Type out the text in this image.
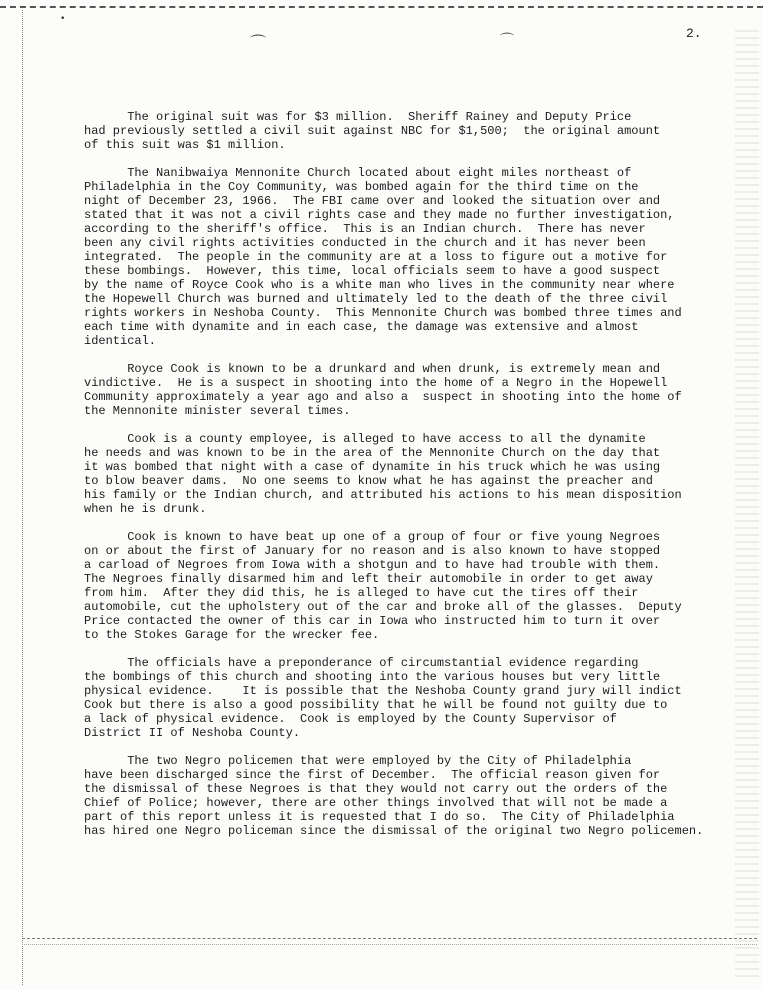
•
⌒	⌒	2.
The original suit was for $3 million.  Sheriff Rainey and Deputy Price
had previously settled a civil suit against NBC for $1,500;  the original amount
of this suit was $1 million.
The Nanibwaiya Mennonite Church located about eight miles northeast of
Philadelphia in the Coy Community, was bombed again for the third time on the
night of December 23, 1966.  The FBI came over and looked the situation over and
stated that it was not a civil rights case and they made no further investigation,
according to the sheriff's office.  This is an Indian church.  There has never
been any civil rights activities conducted in the church and it has never been
integrated.  The people in the community are at a loss to figure out a motive for
these bombings.  However, this time, local officials seem to have a good suspect
by the name of Royce Cook who is a white man who lives in the community near where
the Hopewell Church was burned and ultimately led to the death of the three civil
rights workers in Neshoba County.  This Mennonite Church was bombed three times and
each time with dynamite and in each case, the damage was extensive and almost
identical.
Royce Cook is known to be a drunkard and when drunk, is extremely mean and
vindictive.  He is a suspect in shooting into the home of a Negro in the Hopewell
Community approximately a year ago and also a  suspect in shooting into the home of
the Mennonite minister several times.
Cook is a county employee, is alleged to have access to all the dynamite
he needs and was known to be in the area of the Mennonite Church on the day that
it was bombed that night with a case of dynamite in his truck which he was using
to blow beaver dams.  No one seems to know what he has against the preacher and
his family or the Indian church, and attributed his actions to his mean disposition
when he is drunk.
Cook is known to have beat up one of a group of four or five young Negroes
on or about the first of January for no reason and is also known to have stopped
a carload of Negroes from Iowa with a shotgun and to have had trouble with them.
The Negroes finally disarmed him and left their automobile in order to get away
from him.  After they did this, he is alleged to have cut the tires off their
automobile, cut the upholstery out of the car and broke all of the glasses.  Deputy
Price contacted the owner of this car in Iowa who instructed him to turn it over
to the Stokes Garage for the wrecker fee.
The officials have a preponderance of circumstantial evidence regarding
the bombings of this church and shooting into the various houses but very little
physical evidence.    It is possible that the Neshoba County grand jury will indict
Cook but there is also a good possibility that he will be found not guilty due to
a lack of physical evidence.  Cook is employed by the County Supervisor of
District II of Neshoba County.
The two Negro policemen that were employed by the City of Philadelphia
have been discharged since the first of December.  The official reason given for
the dismissal of these Negroes is that they would not carry out the orders of the
Chief of Police; however, there are other things involved that will not be made a
part of this report unless it is requested that I do so.  The City of Philadelphia
has hired one Negro policeman since the dismissal of the original two Negro policemen.
